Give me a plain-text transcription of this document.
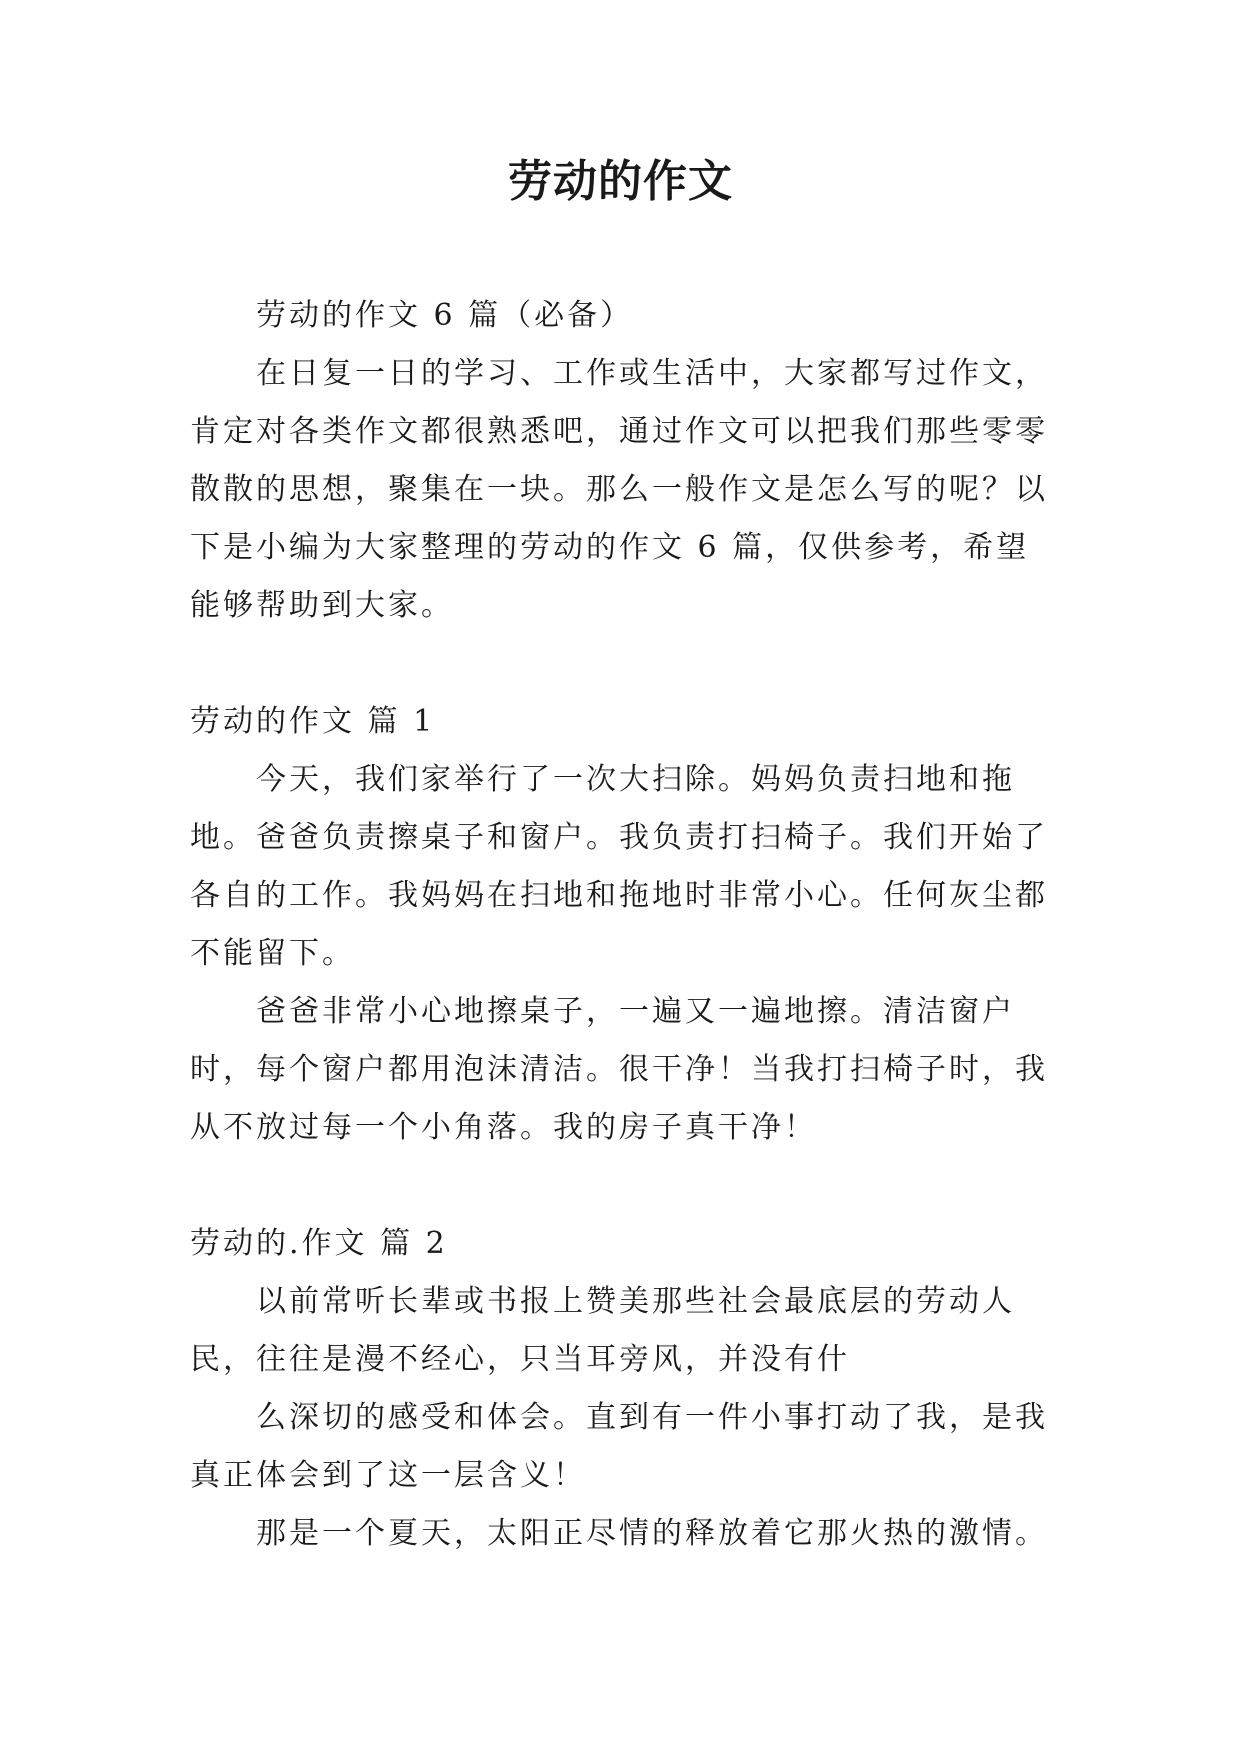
劳动的作文

劳动的作文 6 篇（必备）

在日复一日的学习、工作或生活中，大家都写过作文，肯定对各类作文都很熟悉吧，通过作文可以把我们那些零零散散的思想，聚集在一块。那么一般作文是怎么写的呢？以下是小编为大家整理的劳动的作文 6 篇，仅供参考，希望能够帮助到大家。

劳动的作文 篇 1

今天，我们家举行了一次大扫除。妈妈负责扫地和拖地。爸爸负责擦桌子和窗户。我负责打扫椅子。我们开始了各自的工作。我妈妈在扫地和拖地时非常小心。任何灰尘都不能留下。

爸爸非常小心地擦桌子，一遍又一遍地擦。清洁窗户时，每个窗户都用泡沫清洁。很干净！当我打扫椅子时，我从不放过每一个小角落。我的房子真干净！

劳动的.作文 篇 2

以前常听长辈或书报上赞美那些社会最底层的劳动人民，往往是漫不经心，只当耳旁风，并没有什

么深切的感受和体会。直到有一件小事打动了我，是我真正体会到了这一层含义！

那是一个夏天，太阳正尽情的释放着它那火热的激情。
